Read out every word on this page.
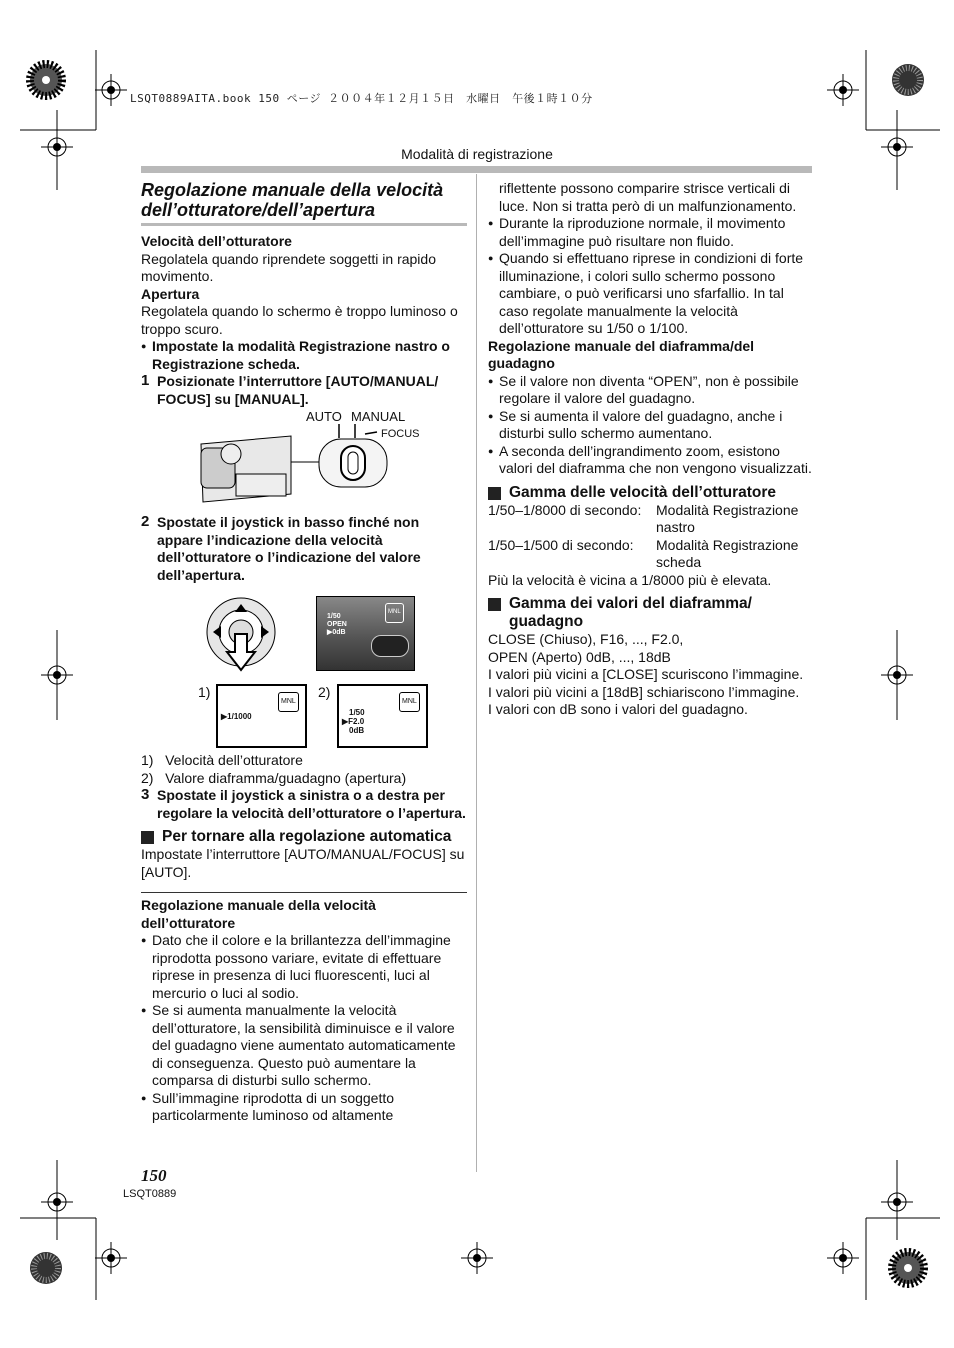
LSQT0889AITA.book 150 ページ ２００４年１２月１５日　水曜日　午後１時１０分
Modalità di registrazione
Regolazione manuale della velocità dell’otturatore/dell’apertura

Velocità dell’otturatore

Regolatela quando riprendete soggetti in rapido movimento.

Apertura

Regolatela quando lo schermo è troppo luminoso o troppo scuro.

● Impostate la modalità Registrazione nastro o Registrazione scheda.

1 Posizionate l’interruttore [AUTO/MANUAL/ FOCUS] su [MANUAL].
AUTO MANUAL
FOCUS
2 Spostate il joystick in basso finché non appare l’indicazione della velocità dell’otturatore o l’indicazione del valore dell’apertura.
MNL
1/50
OPEN
▶0dB
1)
MNL
▶1/1000
2)
MNL
1/50
▶F2.0
0dB

1)   Velocità dell’otturatore

2)   Valore diaframma/guadagno (apertura)

3 Spostate il joystick a sinistra o a destra per regolare la velocità dell’otturatore o l’apertura.
Per tornare alla regolazione automatica

Impostate l’interruttore [AUTO/MANUAL/FOCUS] su [AUTO].

Regolazione manuale della velocità dell’otturatore

● Dato che il colore e la brillantezza dell’immagine riprodotta possono variare, evitate di effettuare riprese in presenza di luci fluorescenti, luci al mercurio o luci al sodio.

● Se si aumenta manualmente la velocità dell’otturatore, la sensibilità diminuisce e il valore del guadagno viene aumentato automaticamente di conseguenza. Questo può aumentare la comparsa di disturbi sullo schermo.

● Sull’immagine riprodotta di un soggetto particolarmente luminoso od altamente

riflettente possono comparire strisce verticali di luce. Non si tratta però di un malfunzionamento.

● Durante la riproduzione normale, il movimento dell’immagine può risultare non fluido.

● Quando si effettuano riprese in condizioni di forte illuminazione, i colori sullo schermo possono cambiare, o può verificarsi uno sfarfallio. In tal caso regolate manualmente la velocità dell’otturatore su 1/50 o 1/100.

Regolazione manuale del diaframma/del guadagno

● Se il valore non diventa “OPEN”, non è possibile regolare il valore del guadagno.

● Se si aumenta il valore del guadagno, anche i disturbi sullo schermo aumentano.

● A seconda dell’ingrandimento zoom, esistono valori del diaframma che non vengono visualizzati.

Gamma delle velocità dell’otturatore
1/50–1/8000 di secondo:	Modalità Registrazione nastro
1/50–1/500 di secondo:	Modalità Registrazione scheda

Più la velocità è vicina a 1/8000 più è elevata.

Gamma dei valori del diaframma/ guadagno

CLOSE (Chiuso), F16, ..., F2.0,

OPEN (Aperto) 0dB, ..., 18dB

I valori più vicini a [CLOSE] scuriscono l’immagine.

I valori più vicini a [18dB] schiariscono l’immagine.

I valori con dB sono i valori del guadagno.

150
LSQT0889
